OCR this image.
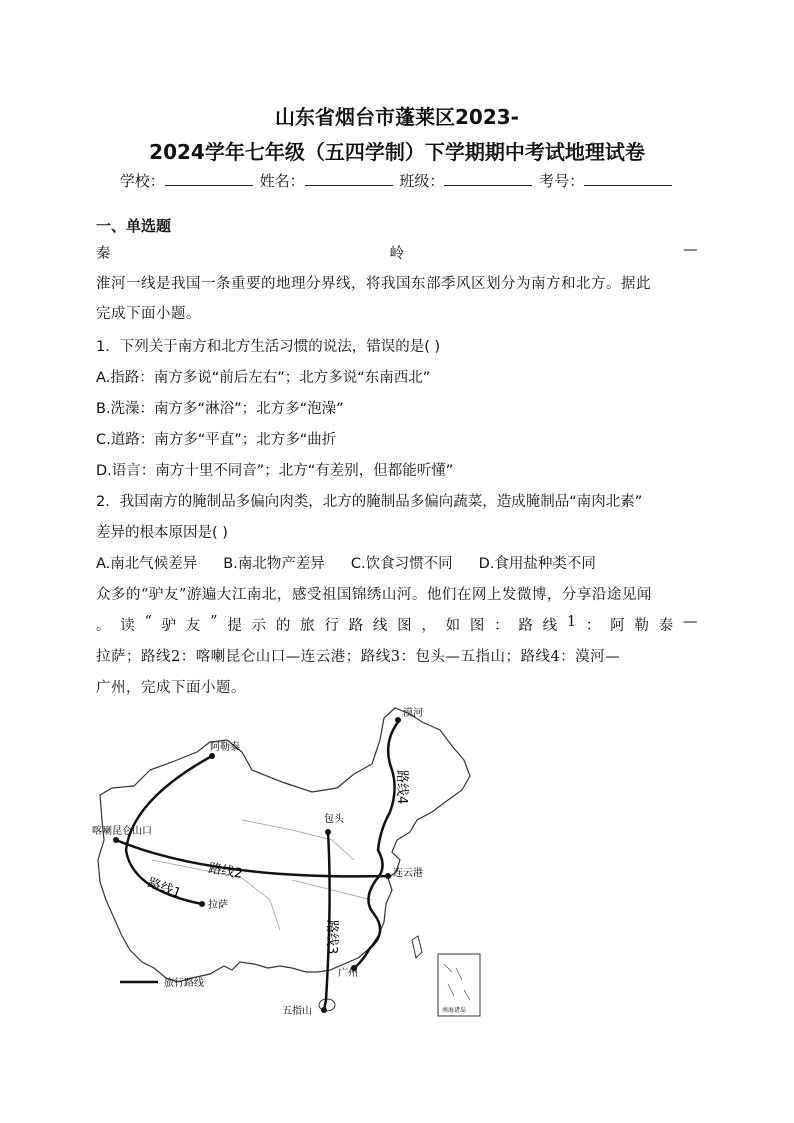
山东省烟台市蓬莱区2023-
2024学年七年级（五四学制）下学期期中考试地理试卷
学校：	姓名：	班级：	考号：
一、单选题
秦	岭	—
淮河一线是我国一条重要的地理分界线，将我国东部季风区划分为南方和北方。据此
完成下面小题。
1．下列关于南方和北方生活习惯的说法，错误的是( )
A.指路：南方多说“前后左右”；北方多说“东南西北”
B.洗澡：南方多“淋浴”；北方多“泡澡”
C.道路：南方多“平直”；北方多“曲折
D.语言：南方十里不同音”；北方“有差别，但都能听懂”
2．我国南方的腌制品多偏向肉类，北方的腌制品多偏向蔬菜，造成腌制品“南肉北素”
差异的根本原因是( )
A.南北气候差异 B.南北物产差异 C.饮食习惯不同 D.食用盐种类不同
众多的“驴友”游遍大江南北，感受祖国锦绣山河。他们在网上发微博，分享沿途见闻
。 读 “ 驴 友 ” 提 示 的 旅 行 路 线 图 ， 如 图 ： 路 线 1 ： 阿 勒 泰 —
拉萨；路线2：喀喇昆仑山口—连云港；路线3：包头—五指山；路线4：漠河—
广州，完成下面小题。
漠河
阿勒泰
包头
喀喇昆仑山口
连云港
拉萨
广州
五指山
路线1
路线2
路线3
路线4
旅行路线
南海诸岛
